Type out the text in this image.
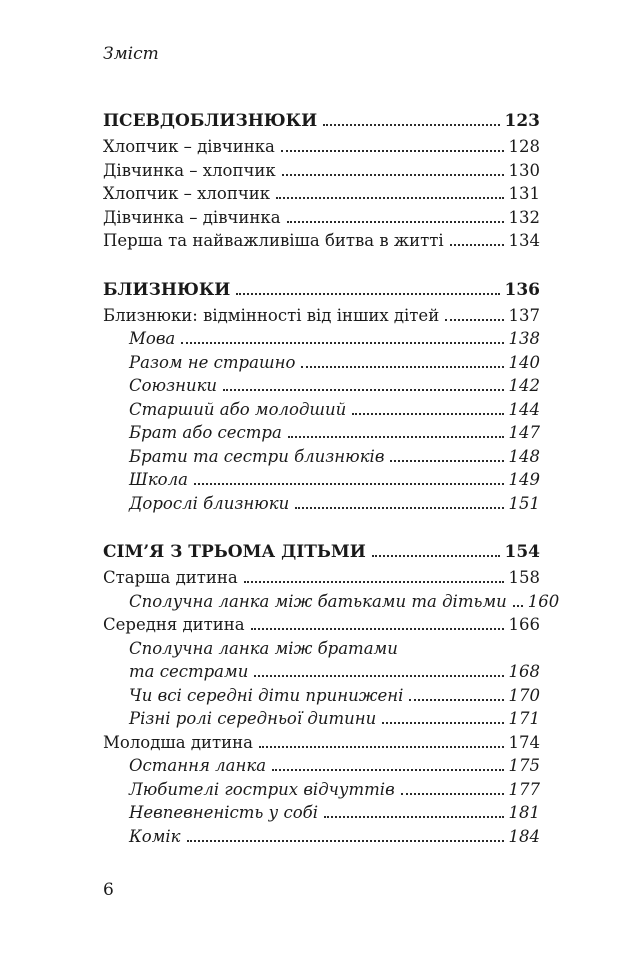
Зміст
ПСЕВДОБЛИЗНЮКИ	123
Хлопчик – дівчинка	128
Дівчинка – хлопчик	130
Хлопчик – хлопчик	131
Дівчинка – дівчинка	132
Перша та найважливіша битва в житті	134
БЛИЗНЮКИ	136
Близнюки: відмінності від інших дітей	137
Мова	138
Разом не страшно	140
Союзники	142
Старший або молодший	144
Брат або сестра	147
Брати та сестри близнюків	148
Школа	149
Дорослі близнюки	151
СІМ’Я З ТРЬОМА ДІТЬМИ	154
Старша дитина	158
Сполучна ланка між батьками та дітьми 160
Середня дитина	166
Сполучна ланка між братами
та сестрами	168
Чи всі середні діти принижені	170
Різні ролі середньої дитини	171
Молодша дитина	174
Остання ланка	175
Любителі гострих відчуттів	177
Невпевненість у собі	181
Комік	184
6
